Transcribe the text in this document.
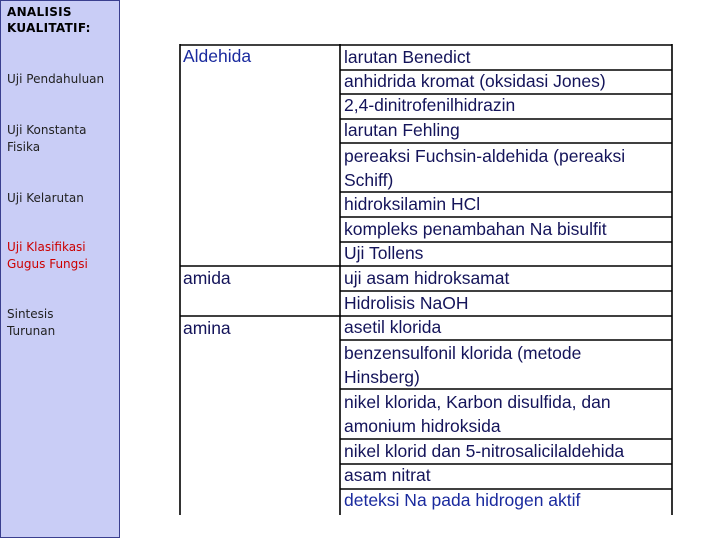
ANALISIS
KUALITATIF:
Uji Pendahuluan
Uji Konstanta
Fisika
Uji Kelarutan
Uji Klasifikasi
Gugus Fungsi
Sintesis
Turunan
Aldehida
amida
amina
larutan Benedict
anhidrida kromat (oksidasi Jones)
2,4-dinitrofenilhidrazin
larutan Fehling
pereaksi Fuchsin-aldehida (pereaksi
Schiff)
hidroksilamin HCl
kompleks penambahan Na bisulfit
Uji Tollens
uji asam hidroksamat
Hidrolisis NaOH
asetil klorida
benzensulfonil klorida (metode
Hinsberg)
nikel klorida, Karbon disulfida, dan
amonium hidroksida
nikel klorid dan 5-nitrosalicilaldehida
asam nitrat
deteksi Na pada hidrogen aktif
